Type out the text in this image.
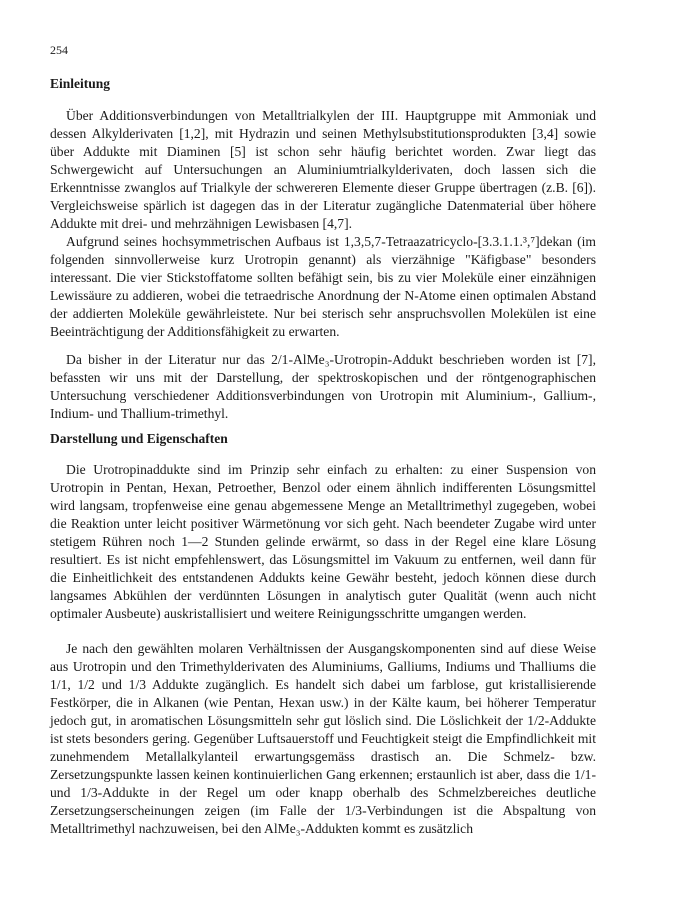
254
Einleitung

Über Additionsverbindungen von Metalltrialkylen der III. Hauptgruppe mit Ammoniak und dessen Alkylderivaten [1,2], mit Hydrazin und seinen Methylsubstitutionsprodukten [3,4] sowie über Addukte mit Diaminen [5] ist schon sehr häufig berichtet worden. Zwar liegt das Schwergewicht auf Untersuchungen an Aluminiumtrialkylderivaten, doch lassen sich die Erkenntnisse zwanglos auf Trialkyle der schwereren Elemente dieser Gruppe übertragen (z.B. [6]). Vergleichsweise spärlich ist dagegen das in der Literatur zugängliche Datenmaterial über höhere Addukte mit drei- und mehrzähnigen Lewisbasen [4,7].

Aufgrund seines hochsymmetrischen Aufbaus ist 1,3,5,7-Tetraazatricyclo-[3.3.1.1.³,⁷]dekan (im folgenden sinnvollerweise kurz Urotropin genannt) als vierzähnige "Käfigbase" besonders interessant. Die vier Stickstoffatome sollten befähigt sein, bis zu vier Moleküle einer einzähnigen Lewissäure zu addieren, wobei die tetraedrische Anordnung der N-Atome einen optimalen Abstand der addierten Moleküle gewährleistete. Nur bei sterisch sehr anspruchsvollen Molekülen ist eine Beeinträchtigung der Additionsfähigkeit zu erwarten.

Da bisher in der Literatur nur das 2/1-AlMe₃-Urotropin-Addukt beschrieben worden ist [7], befassten wir uns mit der Darstellung, der spektroskopischen und der röntgenographischen Untersuchung verschiedener Additionsverbindungen von Urotropin mit Aluminium-, Gallium-, Indium- und Thallium-trimethyl.

Darstellung und Eigenschaften

Die Urotropinaddukte sind im Prinzip sehr einfach zu erhalten: zu einer Suspension von Urotropin in Pentan, Hexan, Petroether, Benzol oder einem ähnlich indifferenten Lösungsmittel wird langsam, tropfenweise eine genau abgemessene Menge an Metalltrimethyl zugegeben, wobei die Reaktion unter leicht positiver Wärmetönung vor sich geht. Nach beendeter Zugabe wird unter stetigem Rühren noch 1—2 Stunden gelinde erwärmt, so dass in der Regel eine klare Lösung resultiert. Es ist nicht empfehlenswert, das Lösungsmittel im Vakuum zu entfernen, weil dann für die Einheitlichkeit des entstandenen Addukts keine Gewähr besteht, jedoch können diese durch langsames Abkühlen der verdünnten Lösungen in analytisch guter Qualität (wenn auch nicht optimaler Ausbeute) auskristallisiert und weitere Reinigungsschritte umgangen werden.

Je nach den gewählten molaren Verhältnissen der Ausgangskomponenten sind auf diese Weise aus Urotropin und den Trimethylderivaten des Aluminiums, Galliums, Indiums und Thalliums die 1/1, 1/2 und 1/3 Addukte zugänglich. Es handelt sich dabei um farblose, gut kristallisierende Festkörper, die in Alkanen (wie Pentan, Hexan usw.) in der Kälte kaum, bei höherer Temperatur jedoch gut, in aromatischen Lösungsmitteln sehr gut löslich sind. Die Löslichkeit der 1/2-Addukte ist stets besonders gering. Gegenüber Luftsauerstoff und Feuchtigkeit steigt die Empfindlichkeit mit zunehmendem Metallalkylanteil erwartungsgemäss drastisch an. Die Schmelz- bzw. Zersetzungspunkte lassen keinen kontinuierlichen Gang erkennen; erstaunlich ist aber, dass die 1/1- und 1/3-Addukte in der Regel um oder knapp oberhalb des Schmelzbereiches deutliche Zersetzungserscheinungen zeigen (im Falle der 1/3-Verbindungen ist die Abspaltung von Metalltrimethyl nachzuweisen, bei den AlMe₃-Addukten kommt es zusätzlich
